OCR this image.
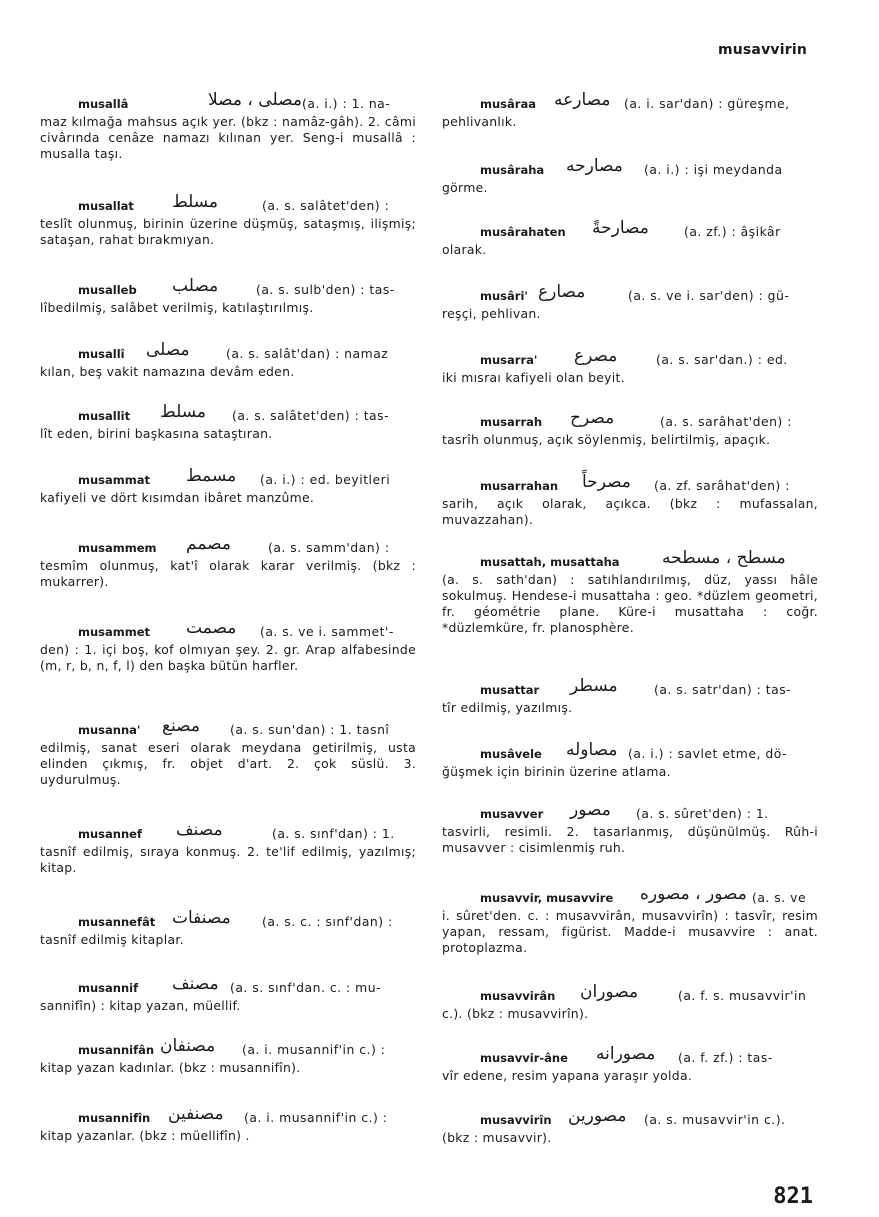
musavvirin
musallâ	مصلى ، مصلا (a. i.) : 1. na-

maz kılmağa mahsus açık yer. (bkz : namâz-gâh). 2. câmi civârında cenâze namazı kılınan yer. Seng-i musallâ : musalla taşı.

musallat مسلط	(a. s. salâtet'den) :

teslît olunmuş, birinin üzerine düşmüş, sataşmış, ilişmiş; sataşan, rahat bırakmıyan.

musalleb مصلب	(a. s. sulb'den) : tas-

lîbedilmiş, salâbet verilmiş, katılaştırılmış.

musallî مصلى	(a. s. salât'dan) : namaz

kılan, beş vakit namazına devâm eden.

musallit مسلط (a. s. salâtet'den) : tas-

lît eden, birini başkasına sataştıran.

musammat مسمط (a. i.) : ed. beyitleri

kafiyeli ve dört kısımdan ibâret manzûme.

musammem مصمم	(a. s. samm'dan) :

tesmîm olunmuş, kat'î olarak karar verilmiş. (bkz : mukarrer).

musammet مصمت (a. s. ve i. sammet'-

den) : 1. içi boş, kof olmıyan şey. 2. gr. Arap alfabesinde (m, r, b, n, f, l) den başka bütün harfler.

musanna' مصنع (a. s. sun'dan) : 1. tasnî

edilmiş, sanat eseri olarak meydana getirilmiş, usta elinden çıkmış, fr. objet d'art. 2. çok süslü. 3. uydurulmuş.

musannef مصنف	(a. s. sınf'dan) : 1.

tasnîf edilmiş, sıraya konmuş. 2. te'lif edilmiş, yazılmış; kitap.

musannefât مصنفات	(a. s. c. : sınf'dan) :

tasnîf edilmiş kitaplar.

musannif مصنف (a. s. sınf'dan. c. : mu-

sannifîn) : kitap yazan, müellif.

musannifân مصنفان (a. i. musannif'in c.) :

kitap yazan kadınlar. (bkz : musannifîn).

musannifîn مصنفين (a. i. musannif'in c.) :

kitap yazanlar. (bkz : müellifîn) .

musâraa مصارعه (a. i. sar'dan) : güreşme,

pehlivanlık.

musâraha مصارحه (a. i.) : işi meydanda

görme.

musârahaten مصارحةً	(a. zf.) : âşikâr

olarak.

musâri' مصارع	(a. s. ve i. sar'den) : gü-

reşçi, pehlivan.

musarra' مصرع	(a. s. sar'dan.) : ed.

iki mısraı kafiyeli olan beyit.

musarrah مصرح	(a. s. sarâhat'den) :

tasrîh olunmuş, açık söylenmiş, belirtilmiş, apaçık.

musarrahan مصرحاً (a. zf. sarâhat'den) :

sarih, açık olarak, açıkca. (bkz : mufassalan, muvazzahan).

musattah, musattaha مسطح ، مسطحه

(a. s. sath'dan) : satıhlandırılmış, düz, yassı hâle sokulmuş. Hendese-i musattaha : geo. *düzlem geometri, fr. géométrie plane. Küre-i musattaha : coğr. *düzlemküre, fr. planosphère.

musattar مسطر	(a. s. satr'dan) : tas-

tîr edilmiş, yazılmış.

musâvele مصاوله (a. i.) : savlet etme, dö-

ğüşmek için birinin üzerine atlama.

musavver مصور (a. s. sûret'den) : 1.

tasvirli, resimli. 2. tasarlanmış, düşünülmüş. Rûh-i musavver : cisimlenmiş ruh.

musavvir, musavvire مصور ، مصوره (a. s. ve

i. sûret'den. c. : musavvirân, musavvirîn) : tasvîr, resim yapan, ressam, figürist. Madde-i musavvire : anat. protoplazma.

musavvirân مصوران	(a. f. s. musavvir'in

c.). (bkz : musavvirîn).

musavvir-âne مصورانه (a. f. zf.) : tas-

vîr edene, resim yapana yaraşır yolda.

musavvirîn مصورين (a. s. musavvir'in c.).

(bkz : musavvir).

821
